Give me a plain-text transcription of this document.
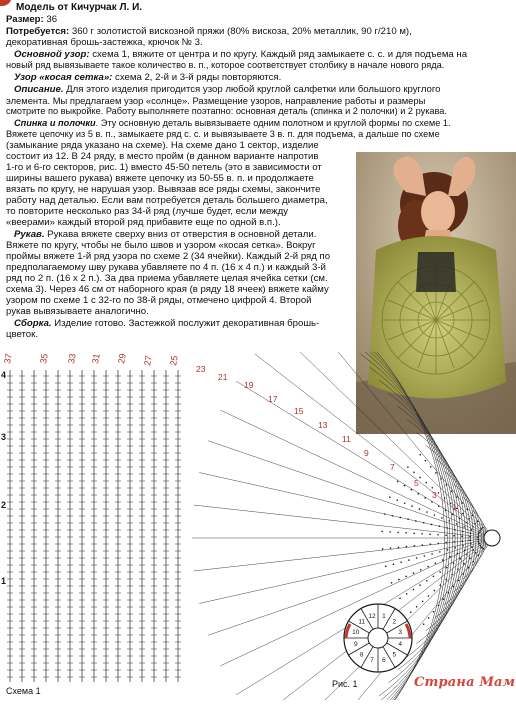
Модель от Кичурчак Л. И.
Размер: 36
Потребуется: 360 г золотистой вискозной пряжи (80% вискоза, 20% металлик, 90 г/210 м),
декоративная брошь-застежка, крючок № 3.
Основной узор: схема 1, вяжите от центра и по кругу. Каждый ряд замыкаете с. с. и для подъема на
новый ряд вывязываете такое количество в. п., которое соответствует столбику в начале нового ряда.
Узор «косая сетка»: схема 2, 2-й и 3-й ряды повторяются.
Описание. Для этого изделия пригодится узор любой круглой салфетки или большого круглого
элемента. Мы предлагаем узор «солнце». Размещение узоров, направление работы и размеры
смотрите по выкройке. Работу выполняете поэтапно: основная деталь (спинка и 2 полочки) и 2 рукава.
Спинка и полочки. Эту основную деталь вывязываете одним полотном и круглой формы по схеме 1.
Вяжете цепочку из 5 в. п., замыкаете ряд с. с. и вывязываете 3 в. п. для подъема, а дальше по схеме
(замыкание ряда указано на схеме). На схеме дано 1 сектор, изделие
состоит из 12. В 24 ряду, в место пройм (в данном варианте напротив
1-го и 6-го секторов, рис. 1) вместо 45-50 петель (это в зависимости от
ширины вашего рукава) вяжете цепочку из 50-55 в. п. и продолжаете
вязать по кругу, не нарушая узор. Вывязав все ряды схемы, закончите
работу над деталью. Если вам потребуется деталь большего диаметра,
то повторите несколько раз 34-й ряд (лучше будет, если между
«веерами» каждый второй ряд прибавите еще по одной в.п.).
Рукав. Рукава вяжете сверху вниз от отверстия в основной детали.
Вяжете по кругу, чтобы не было швов и узором «косая сетка». Вокруг
проймы вяжете 1-й ряд узора по схеме 2 (34 ячейки). Каждый 2-й ряд по
предполагаемому шву рукава убавляете по 4 п. (16 х 4 п.) и каждый 3-й
ряд по 2 п. (16 х 2 п.). За два приема убавляете целая ячейка сетки (см.
схема 3). Через 46 см от наборного края (в ряду 18 ячеек) вяжете кайму
узором по схеме 1 с 32-го по 38-й ряды, отмечено цифрой 4. Второй
рукав вывязываете аналогично.
Сборка. Изделие готово. Застежкой послужит декоративная брошь-
цветок.
37	35 33 31 29 27 25
23
21
19
17
15
13
11
9
7
5
3
1
4
3
2
1
1
2
3
4
5
6
7
8
9
10
11
12
Схема 1
Рис. 1	Страна Мам
